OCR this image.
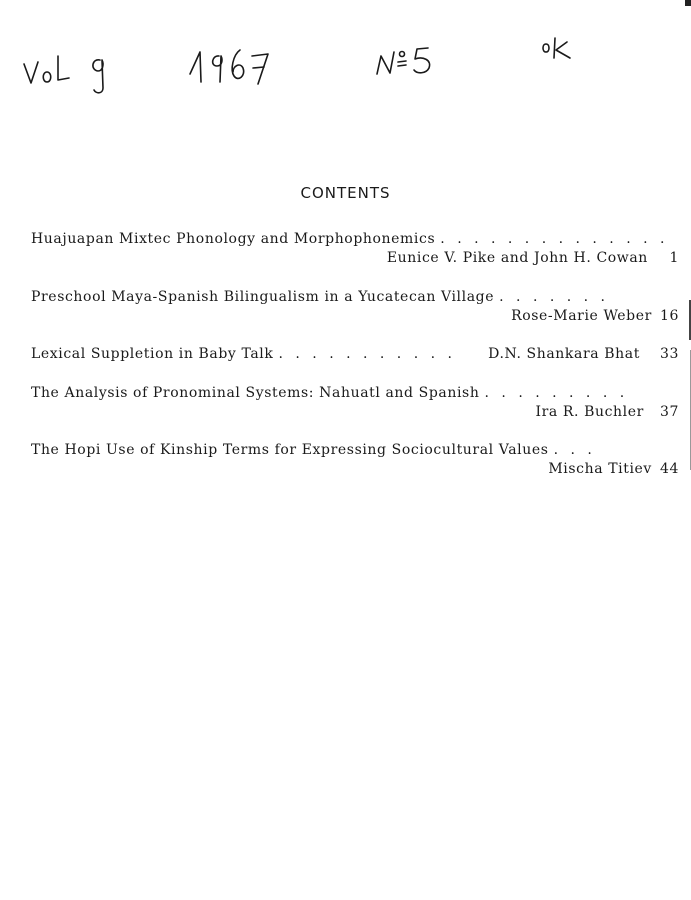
CONTENTS
Huajuapan Mixtec Phonology and Morphophonemics . . . . . . . . . . . . . .
Eunice V. Pike and John H. Cowan 1
Preschool Maya-Spanish Bilingualism in a Yucatecan Village . . . . . . .
Rose-Marie Weber 16
Lexical Suppletion in Baby Talk . . . . . . . . . . . D.N. Shankara Bhat 33
The Analysis of Pronominal Systems: Nahuatl and Spanish . . . . . . . . .
Ira R. Buchler 37
The Hopi Use of Kinship Terms for Expressing Sociocultural Values . . .
Mischa Titiev 44
